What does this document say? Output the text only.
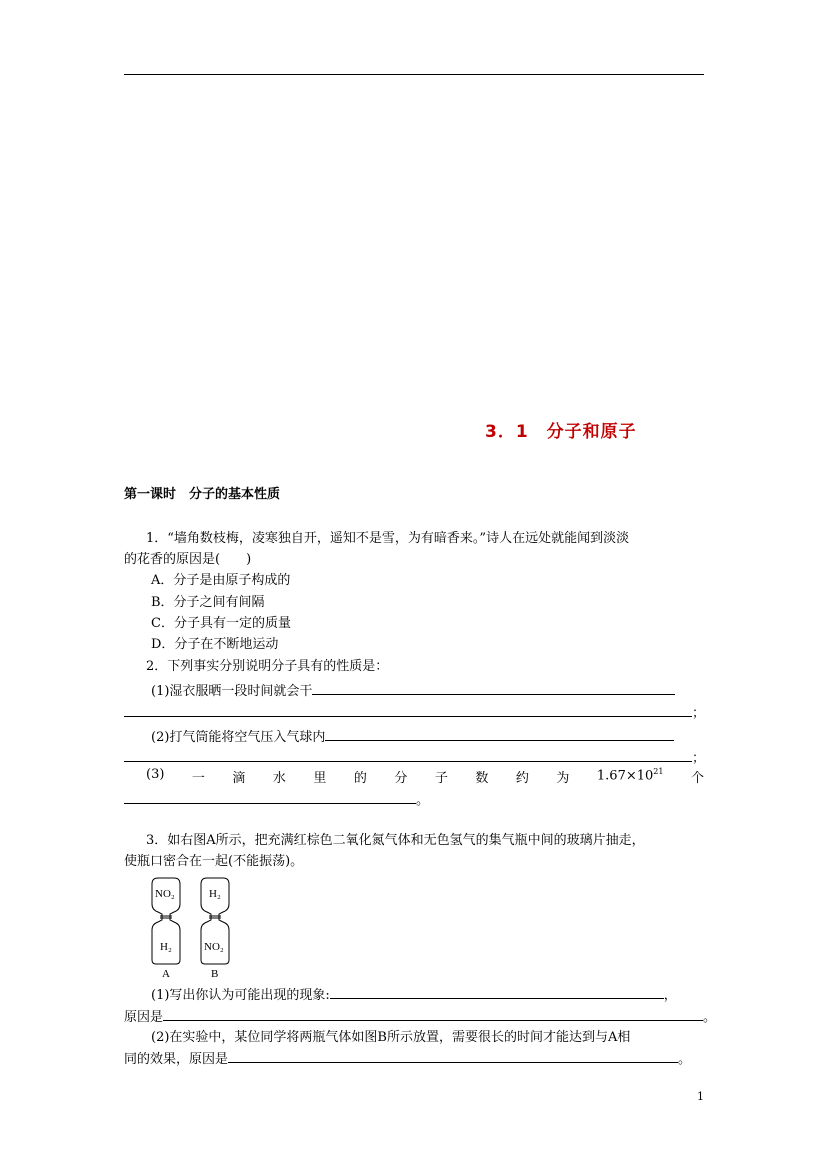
3．1　分子和原子
第一课时　分子的基本性质
1．“墙角数枝梅，凌寒独自开，遥知不是雪，为有暗香来。”诗人在远处就能闻到淡淡
的花香的原因是(　　)
A．分子是由原子构成的
B．分子之间有间隔
C．分子具有一定的质量
D．分子在不断地运动
2．下列事实分别说明分子具有的性质是：
(1)湿衣服晒一段时间就会干
；
(2)打气筒能将空气压入气球内
；
(3) 一 滴 水 里 的 分 子 数 约 为 $1.67\times 10^{21}$ 个
。
3．如右图A所示，把充满红棕色二氧化氮气体和无色氢气的集气瓶中间的玻璃片抽走，
使瓶口密合在一起(不能振荡)。
NO₂
H₂
H₂
NO₂
A	B
(1)写出你认为可能出现的现象:	，
原因是	。
(2)在实验中，某位同学将两瓶气体如图B所示放置，需要很长的时间才能达到与A相
同的效果，原因是	。
1
